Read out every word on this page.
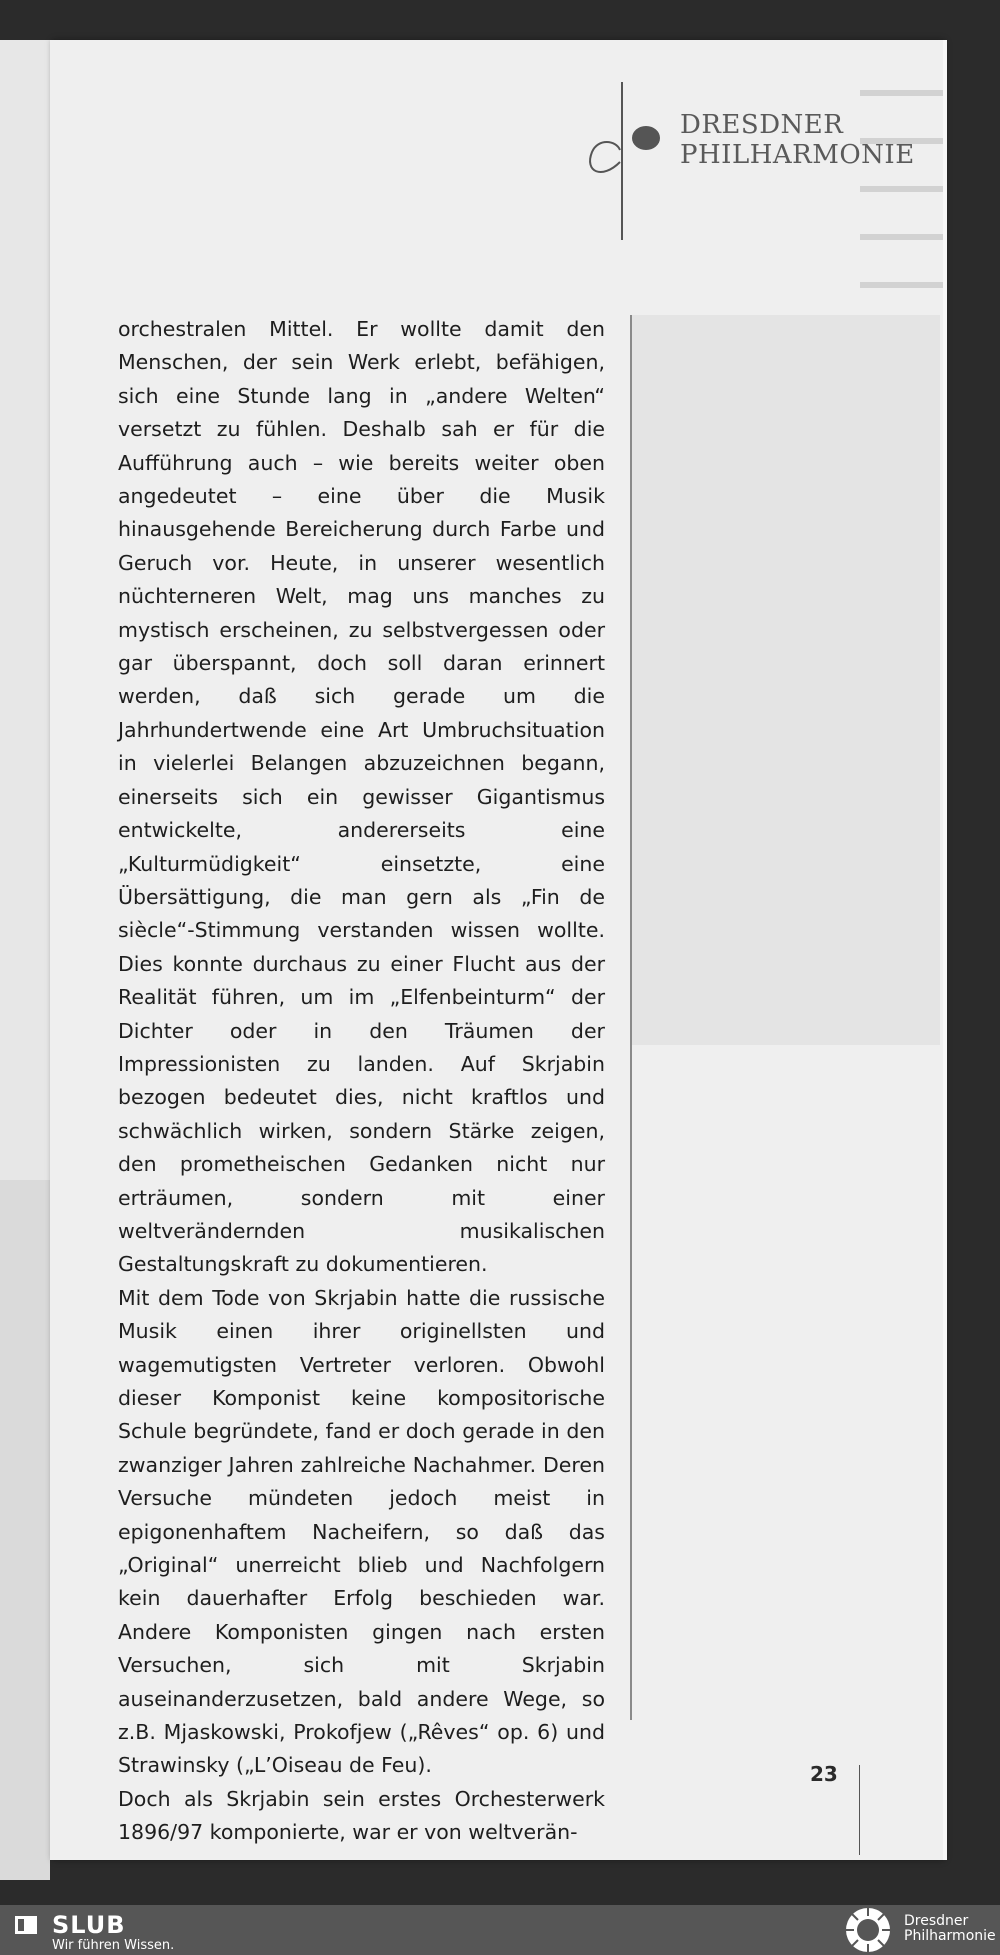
DRESDNER
PHILHARMONIE

orchestralen Mittel. Er wollte damit den Menschen, der sein Werk erlebt, befähigen, sich eine Stunde lang in „andere Welten“ versetzt zu fühlen. Deshalb sah er für die Aufführung auch – wie bereits weiter oben angedeutet – eine über die Musik hinausgehende Bereicherung durch Farbe und Geruch vor. Heute, in unserer wesentlich nüchterneren Welt, mag uns manches zu mystisch erscheinen, zu selbstvergessen oder gar überspannt, doch soll daran erinnert werden, daß sich gerade um die Jahrhundertwende eine Art Umbruchsituation in vielerlei Belangen abzuzeichnen begann, einerseits sich ein gewisser Gigantismus entwickelte, andererseits eine „Kulturmüdigkeit“ einsetzte, eine Übersättigung, die man gern als „Fin de siècle“-Stimmung verstanden wissen wollte. Dies konnte durchaus zu einer Flucht aus der Realität führen, um im „Elfenbeinturm“ der Dichter oder in den Träumen der Impressionisten zu landen. Auf Skrjabin bezogen bedeutet dies, nicht kraftlos und schwächlich wirken, sondern Stärke zeigen, den prometheischen Gedanken nicht nur erträumen, sondern mit einer weltverändernden musikalischen Gestaltungskraft zu dokumentieren.

Mit dem Tode von Skrjabin hatte die russische Musik einen ihrer originellsten und wagemutigsten Vertreter verloren. Obwohl dieser Komponist keine kompositorische Schule begründete, fand er doch gerade in den zwanziger Jahren zahlreiche Nachahmer. Deren Versuche mündeten jedoch meist in epigonenhaftem Nacheifern, so daß das „Original“ unerreicht blieb und Nachfolgern kein dauerhafter Erfolg beschieden war. Andere Komponisten gingen nach ersten Versuchen, sich mit Skrjabin auseinanderzusetzen, bald andere Wege, so z.B. Mjaskowski, Prokofjew („Rêves“ op. 6) und Strawinsky („L’Oiseau de Feu).

Doch als Skrjabin sein erstes Orchesterwerk 1896/97 komponierte, war er von weltverän-

23
SLUB
Wir führen Wissen.
Dresdner
Philharmonie
